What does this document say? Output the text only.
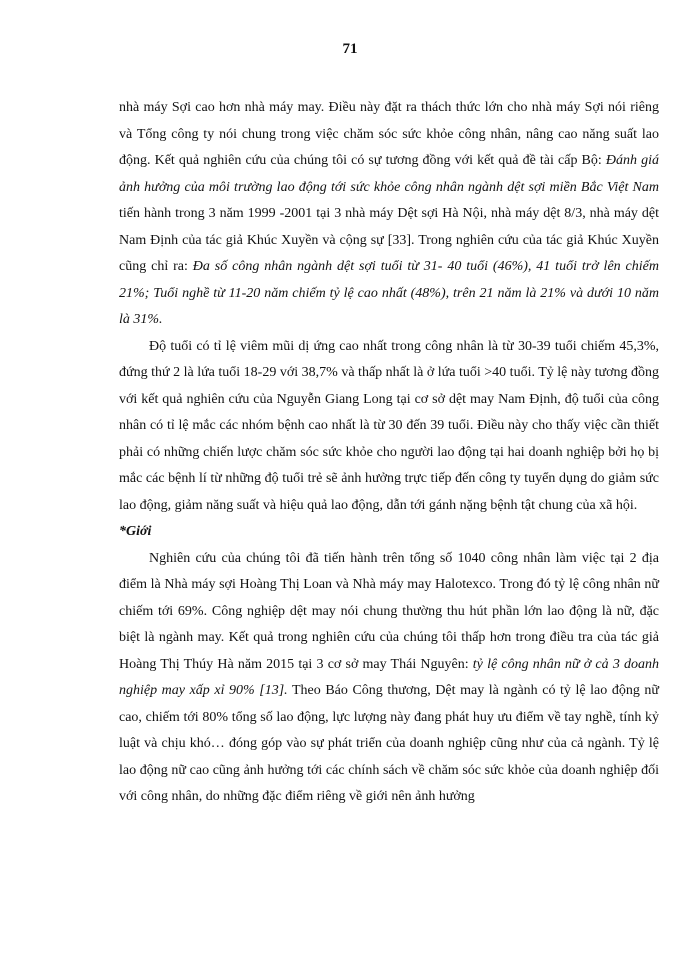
71

nhà máy Sợi cao hơn nhà máy may. Điều này đặt ra thách thức lớn cho nhà máy Sợi nói riêng và Tổng công ty nói chung trong việc chăm sóc sức khỏe công nhân, nâng cao năng suất lao động. Kết quả nghiên cứu của chúng tôi có sự tương đồng với kết quả đề tài cấp Bộ: Đánh giá ảnh hưởng của môi trường lao động tới sức khỏe công nhân ngành dệt sợi miền Bắc Việt Nam tiến hành trong 3 năm 1999 -2001 tại 3 nhà máy Dệt sợi Hà Nội, nhà máy dệt 8/3, nhà máy dệt Nam Định của tác giả Khúc Xuyền và cộng sự [33]. Trong nghiên cứu của tác giả Khúc Xuyền cũng chỉ ra: Đa số công nhân ngành dệt sợi tuổi từ 31- 40 tuổi (46%), 41 tuổi trở lên chiếm 21%; Tuổi nghề từ 11-20 năm chiếm tỷ lệ cao nhất (48%), trên 21 năm là 21% và dưới 10 năm là 31%.

Độ tuổi có tỉ lệ viêm mũi dị ứng cao nhất trong công nhân là từ 30-39 tuổi chiếm 45,3%, đứng thứ 2 là lứa tuổi 18-29 với 38,7% và thấp nhất là ở lứa tuổi >40 tuổi. Tỷ lệ này tương đồng với kết quả nghiên cứu của Nguyễn Giang Long tại cơ sở dệt may Nam Định, độ tuổi của công nhân có tỉ lệ mắc các nhóm bệnh cao nhất là từ 30 đến 39 tuổi. Điều này cho thấy việc cần thiết phải có những chiến lược chăm sóc sức khỏe cho người lao động tại hai doanh nghiệp bởi họ bị mắc các bệnh lí từ những độ tuổi trẻ sẽ ảnh hưởng trực tiếp đến công ty tuyển dụng do giảm sức lao động, giảm năng suất và hiệu quả lao động, dẫn tới gánh nặng bệnh tật chung của xã hội.

*Giới

Nghiên cứu của chúng tôi đã tiến hành trên tổng số 1040 công nhân làm việc tại 2 địa điểm là Nhà máy sợi Hoàng Thị Loan và Nhà máy may Halotexco. Trong đó tỷ lệ công nhân nữ chiếm tới 69%. Công nghiệp dệt may nói chung thường thu hút phần lớn lao động là nữ, đặc biệt là ngành may. Kết quả trong nghiên cứu của chúng tôi thấp hơn trong điều tra của tác giả Hoàng Thị Thúy Hà năm 2015 tại 3 cơ sở may Thái Nguyên: tỷ lệ công nhân nữ ở cả 3 doanh nghiệp may xấp xỉ 90% [13]. Theo Báo Công thương, Dệt may là ngành có tỷ lệ lao động nữ cao, chiếm tới 80% tổng số lao động, lực lượng này đang phát huy ưu điểm về tay nghề, tính kỷ luật và chịu khó… đóng góp vào sự phát triển của doanh nghiệp cũng như của cả ngành. Tỷ lệ lao động nữ cao cũng ảnh hưởng tới các chính sách về chăm sóc sức khỏe của doanh nghiệp đối với công nhân, do những đặc điểm riêng về giới nên ảnh hưởng
